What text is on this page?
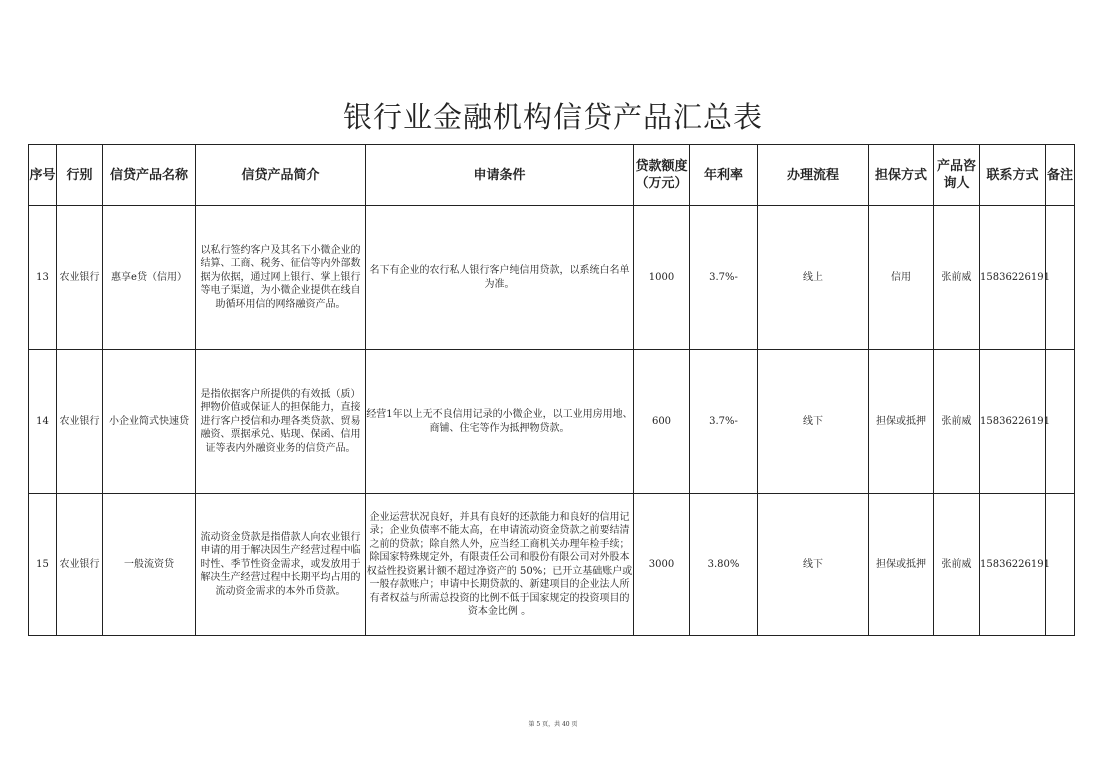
银行业金融机构信贷产品汇总表
序号	行别	信贷产品名称	信贷产品简介	申请条件	贷款额度（万元）	年利率	办理流程	担保方式	产品咨询人	联系方式	备注
13	农业银行	惠享e贷（信用）	以私行签约客户及其名下小微企业的结算、工商、税务、征信等内外部数据为依据，通过网上银行、掌上银行等电子渠道，为小微企业提供在线自助循环用信的网络融资产品。	名下有企业的农行私人银行客户纯信用贷款，以系统白名单为准。	1000	3.7%-	线上	信用	张前威	15836226191	
14	农业银行	小企业简式快速贷	是指依据客户所提供的有效抵（质）押物价值或保证人的担保能力，直接进行客户授信和办理各类贷款、贸易融资、票据承兑、贴现、保函、信用证等表内外融资业务的信贷产品。	经营1年以上无不良信用记录的小微企业，以工业用房用地、商铺、住宅等作为抵押物贷款。	600	3.7%-	线下	担保或抵押	张前威	15836226191	
15	农业银行	一般流资贷	流动资金贷款是指借款人向农业银行申请的用于解决因生产经营过程中临时性、季节性资金需求，或发放用于解决生产经营过程中长期平均占用的流动资金需求的本外币贷款。	企业运营状况良好，并具有良好的还款能力和良好的信用记录；企业负债率不能太高，在申请流动资金贷款之前要结清之前的贷款；除自然人外，应当经工商机关办理年检手续；除国家特殊规定外，有限责任公司和股份有限公司对外股本权益性投资累计额不超过净资产的 50%；已开立基础账户或一般存款账户；申请中长期贷款的、新建项目的企业法人所有者权益与所需总投资的比例不低于国家规定的投资项目的资本金比例 。	3000	3.80%	线下	担保或抵押	张前威	15836226191	
第 5 页，共 40 页
